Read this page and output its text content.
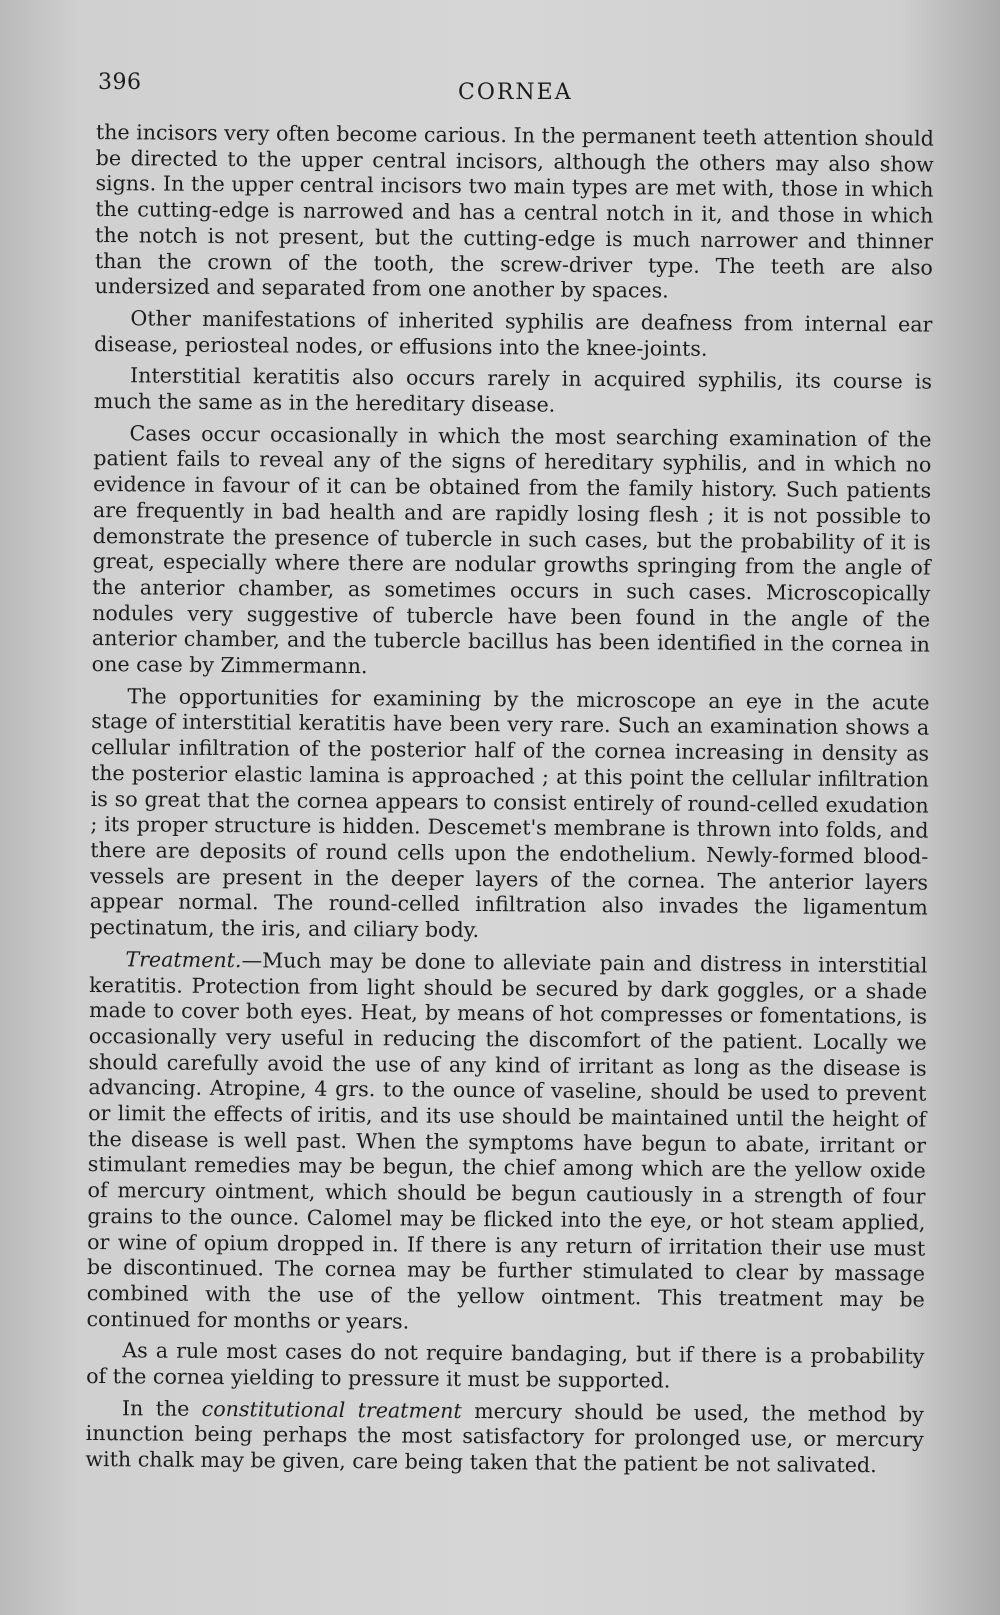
396	CORNEA

the incisors very often become carious. In the permanent teeth attention should be directed to the upper central incisors, although the others may also show signs. In the upper central incisors two main types are met with, those in which the cutting-edge is narrowed and has a central notch in it, and those in which the notch is not present, but the cutting-edge is much narrower and thinner than the crown of the tooth, the screw-driver type. The teeth are also undersized and separated from one another by spaces.

Other manifestations of inherited syphilis are deafness from internal ear disease, periosteal nodes, or effusions into the knee-joints.

Interstitial keratitis also occurs rarely in acquired syphilis, its course is much the same as in the hereditary disease.

Cases occur occasionally in which the most searching examination of the patient fails to reveal any of the signs of hereditary syphilis, and in which no evidence in favour of it can be obtained from the family history. Such patients are frequently in bad health and are rapidly losing flesh ; it is not possible to demonstrate the presence of tubercle in such cases, but the probability of it is great, especially where there are nodular growths springing from the angle of the anterior chamber, as sometimes occurs in such cases. Microscopically nodules very suggestive of tubercle have been found in the angle of the anterior chamber, and the tubercle bacillus has been identified in the cornea in one case by Zimmermann.

The opportunities for examining by the microscope an eye in the acute stage of interstitial keratitis have been very rare. Such an examination shows a cellular infiltration of the posterior half of the cornea increasing in density as the posterior elastic lamina is approached ; at this point the cellular infiltration is so great that the cornea appears to consist entirely of round-celled exudation ; its proper structure is hidden. Descemet's membrane is thrown into folds, and there are deposits of round cells upon the endothelium. Newly-formed blood-vessels are present in the deeper layers of the cornea. The anterior layers appear normal. The round-celled infiltration also invades the ligamentum pectinatum, the iris, and ciliary body.

Treatment.—Much may be done to alleviate pain and distress in interstitial keratitis. Protection from light should be secured by dark goggles, or a shade made to cover both eyes. Heat, by means of hot compresses or fomentations, is occasionally very useful in reducing the discomfort of the patient. Locally we should carefully avoid the use of any kind of irritant as long as the disease is advancing. Atropine, 4 grs. to the ounce of vaseline, should be used to prevent or limit the effects of iritis, and its use should be maintained until the height of the disease is well past. When the symptoms have begun to abate, irritant or stimulant remedies may be begun, the chief among which are the yellow oxide of mercury ointment, which should be begun cautiously in a strength of four grains to the ounce. Calomel may be flicked into the eye, or hot steam applied, or wine of opium dropped in. If there is any return of irritation their use must be discontinued. The cornea may be further stimulated to clear by massage combined with the use of the yellow ointment. This treatment may be continued for months or years.

As a rule most cases do not require bandaging, but if there is a probability of the cornea yielding to pressure it must be supported.

In the constitutional treatment mercury should be used, the method by inunction being perhaps the most satisfactory for prolonged use, or mercury with chalk may be given, care being taken that the patient be not salivated.
